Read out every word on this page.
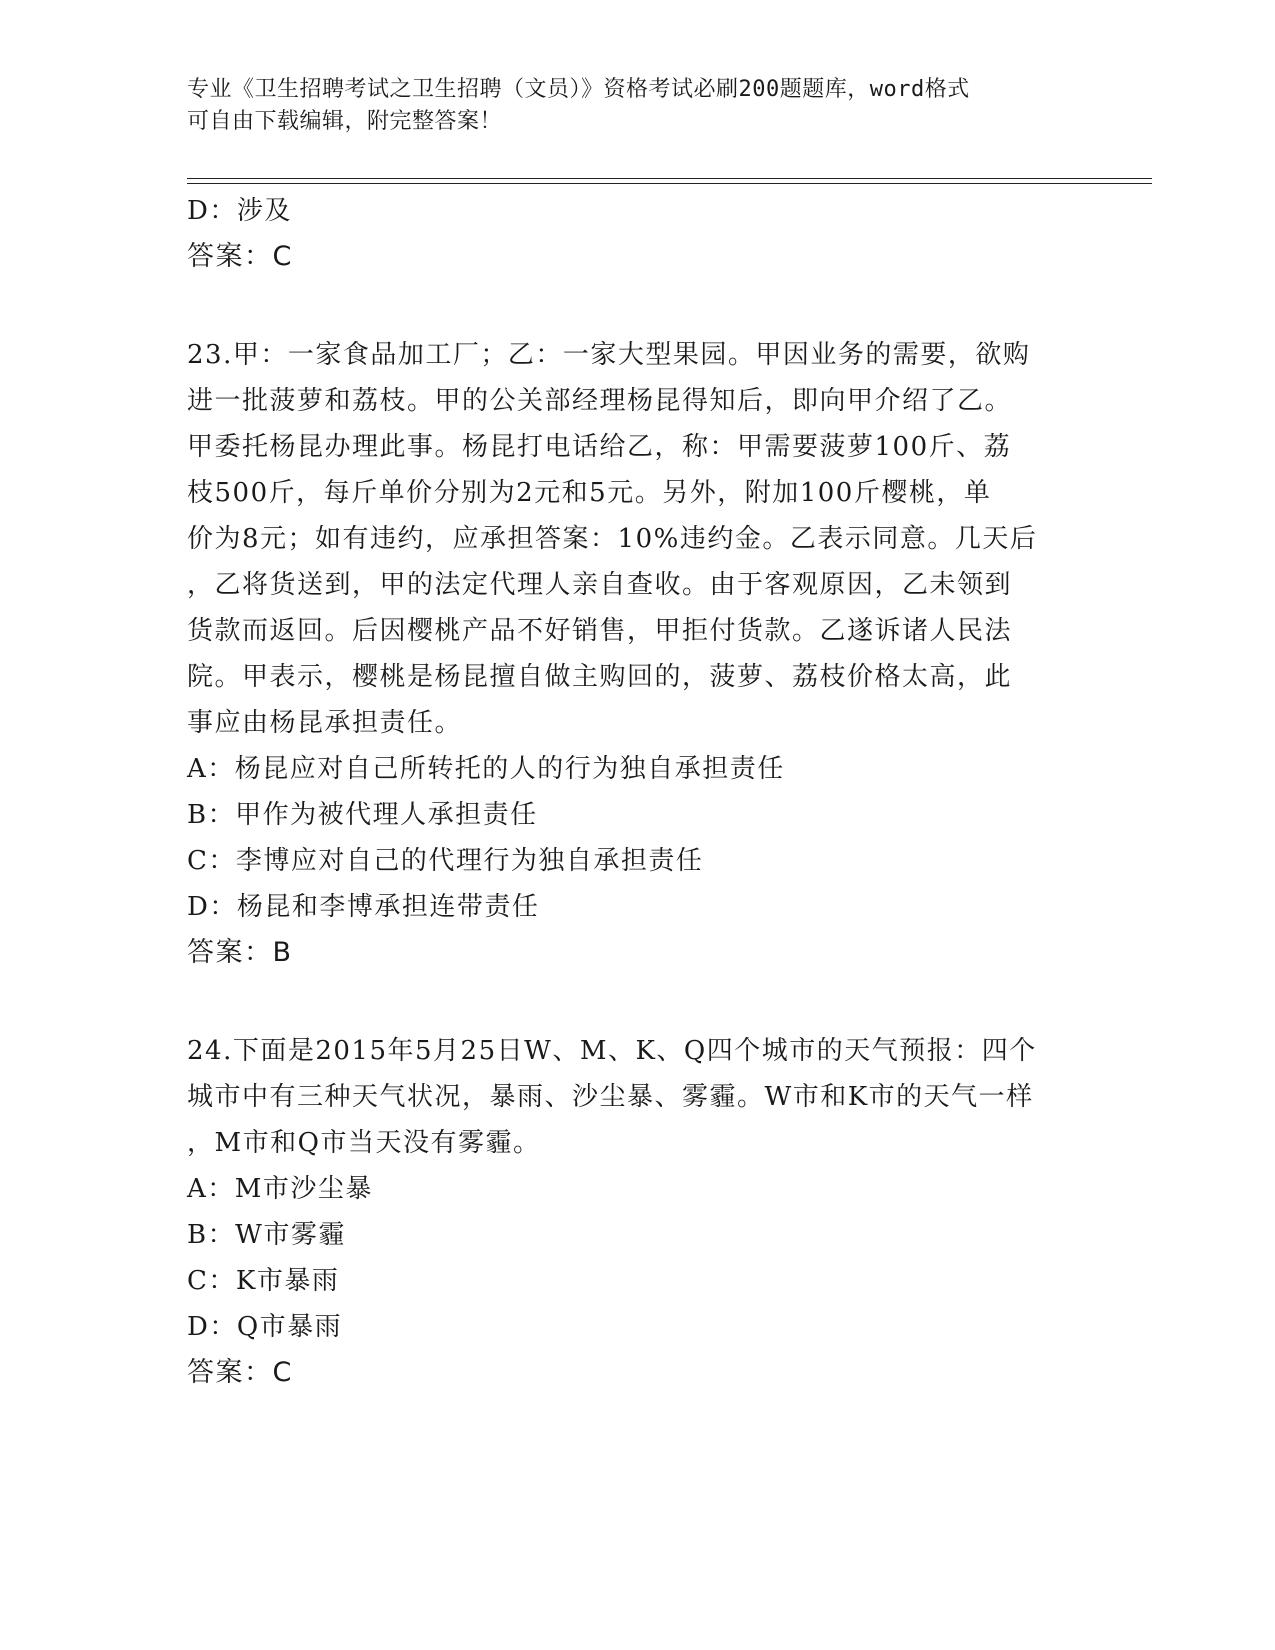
专业《卫生招聘考试之卫生招聘（文员）》资格考试必刷200题题库，word格式

可自由下载编辑，附完整答案！

D：涉及
答案：C
23.甲：一家食品加工厂；乙：一家大型果园。甲因业务的需要，欲购
进一批菠萝和荔枝。甲的公关部经理杨昆得知后，即向甲介绍了乙。
甲委托杨昆办理此事。杨昆打电话给乙，称：甲需要菠萝100斤、荔
枝500斤，每斤单价分别为2元和5元。另外，附加100斤樱桃，单
价为8元；如有违约，应承担答案：10%违约金。乙表示同意。几天后
，乙将货送到，甲的法定代理人亲自查收。由于客观原因，乙未领到
货款而返回。后因樱桃产品不好销售，甲拒付货款。乙遂诉诸人民法
院。甲表示，樱桃是杨昆擅自做主购回的，菠萝、荔枝价格太高，此
事应由杨昆承担责任。
A：杨昆应对自己所转托的人的行为独自承担责任
B：甲作为被代理人承担责任
C：李博应对自己的代理行为独自承担责任
D：杨昆和李博承担连带责任
答案：B
24.下面是2015年5月25日W、M、K、Q四个城市的天气预报：四个
城市中有三种天气状况，暴雨、沙尘暴、雾霾。W市和K市的天气一样
，M市和Q市当天没有雾霾。
A：M市沙尘暴
B：W市雾霾
C：K市暴雨
D：Q市暴雨
答案：C
